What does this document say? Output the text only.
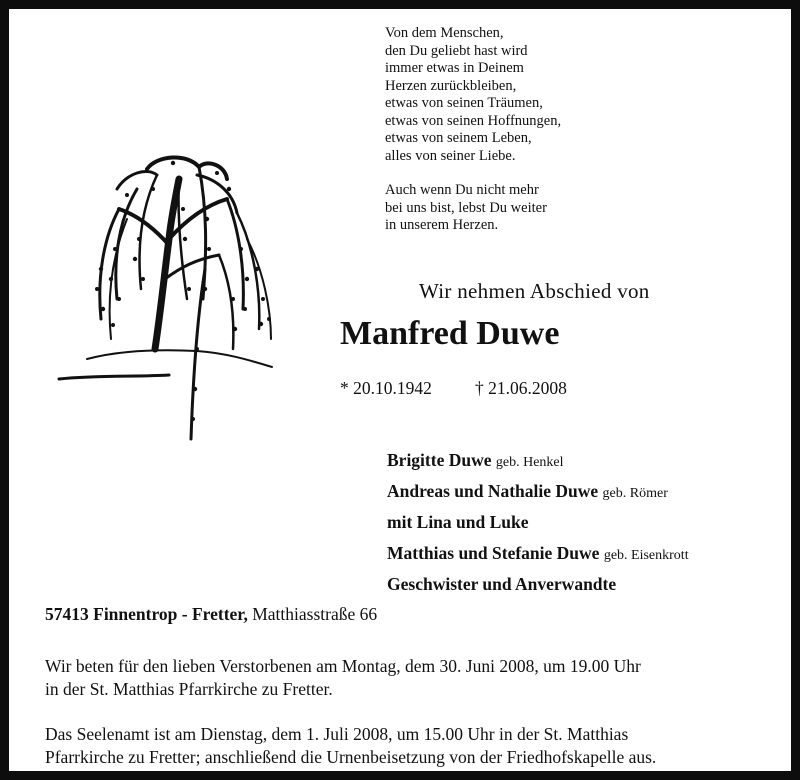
Von dem Menschen,
den Du geliebt hast wird
immer etwas in Deinem
Herzen zurückbleiben,
etwas von seinen Träumen,
etwas von seinen Hoffnungen,
etwas von seinem Leben,
alles von seiner Liebe.
Auch wenn Du nicht mehr
bei uns bist, lebst Du weiter
in unserem Herzen.
Wir nehmen Abschied von
Manfred Duwe
* 20.10.1942 † 21.06.2008
Brigitte Duwe geb. Henkel
Andreas und Nathalie Duwe geb. Römer
mit Lina und Luke
Matthias und Stefanie Duwe geb. Eisenkrott
Geschwister und Anverwandte
57413 Finnentrop - Fretter, Matthiasstraße 66
Wir beten für den lieben Verstorbenen am Montag, dem 30. Juni 2008, um 19.00 Uhr
in der St. Matthias Pfarrkirche zu Fretter.
Das Seelenamt ist am Dienstag, dem 1. Juli 2008, um 15.00 Uhr in der St. Matthias
Pfarrkirche zu Fretter; anschließend die Urnenbeisetzung von der Friedhofskapelle aus.
